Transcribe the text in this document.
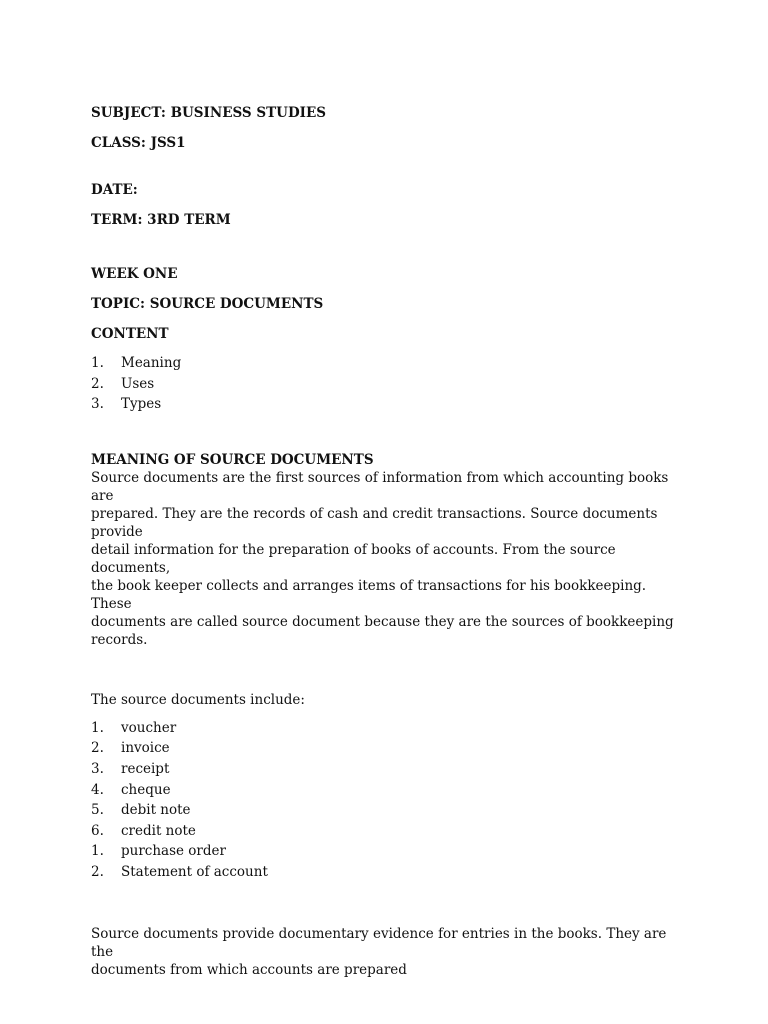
SUBJECT: BUSINESS STUDIES

CLASS: JSS1

DATE:

TERM: 3RD TERM

WEEK ONE

TOPIC: SOURCE DOCUMENTS

CONTENT

1.	Meaning
2.	Uses
3.	Types

MEANING OF SOURCE DOCUMENTS

Source documents are the first sources of information from which accounting books are
prepared. They are the records of cash and credit transactions. Source documents provide
detail information for the preparation of books of accounts. From the source documents,
the book keeper collects and arranges items of transactions for his bookkeeping. These
documents are called source document because they are the sources of bookkeeping
records.

The source documents include:

1.	voucher
2.	invoice
3.	receipt
4.	cheque
5.	debit note
6.	credit note
1.	purchase order
2.	Statement of account
Source documents provide documentary evidence for entries in the books. They are the
documents from which accounts are prepared
